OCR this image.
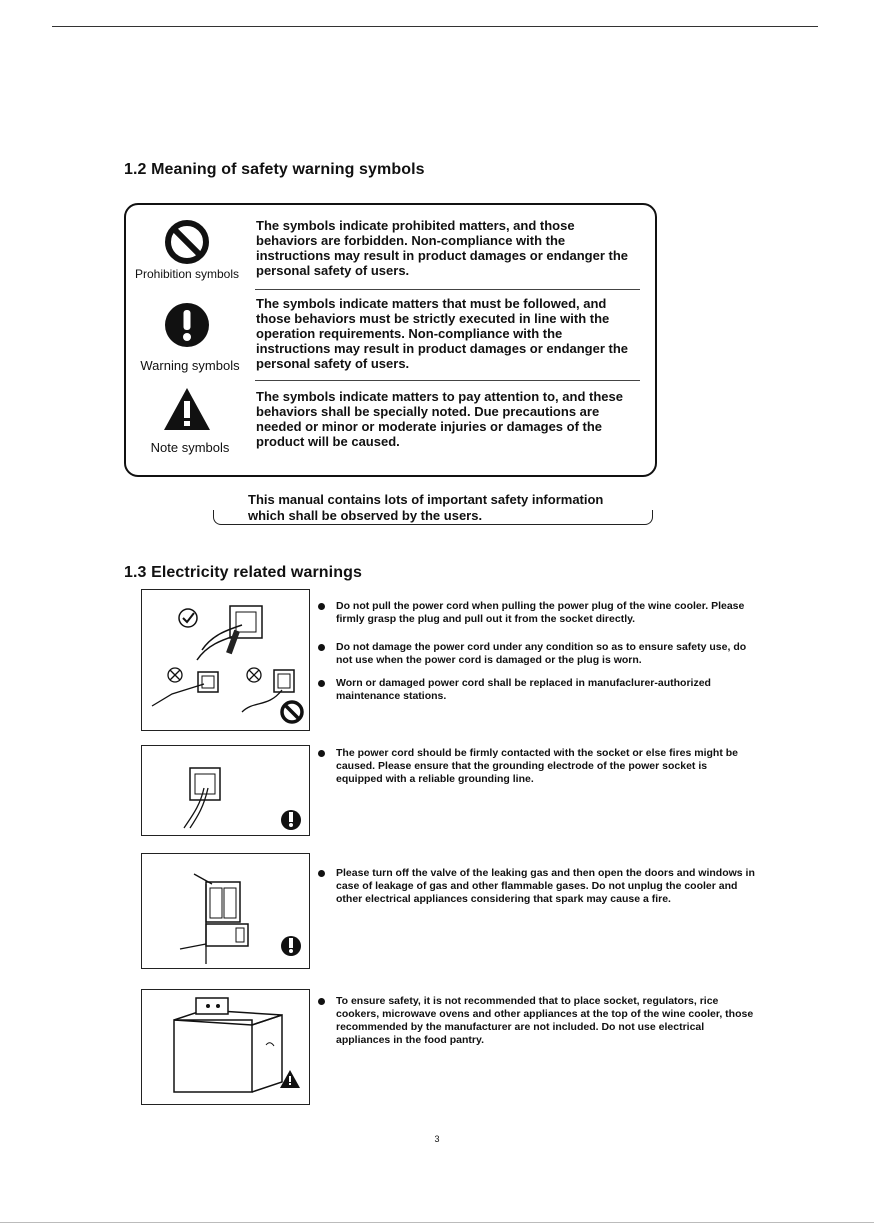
1.2 Meaning of safety warning symbols
Prohibition symbols
The symbols indicate prohibited matters, and those behaviors are forbidden. Non-compliance with the instructions may result in product damages or endanger the personal safety of users.
Warning symbols
The symbols indicate matters that must be followed, and those behaviors must be strictly executed in line with the operation requirements. Non-compliance with the instructions may result in product damages or endanger the personal safety of users.
Note symbols
The symbols indicate matters to pay attention to, and these behaviors shall be specially noted. Due precautions are needed or minor or moderate injuries or damages of the product will be caused.
This manual contains lots of important safety information which shall be observed by the users.
1.3 Electricity related warnings
Do not pull the power cord when pulling the power plug of the wine cooler. Please firmly grasp the plug and pull out it from the socket directly.
Do not damage the power cord under any condition so as to ensure safety use, do not use when the power cord is damaged or the plug is worn.
Worn or damaged power cord shall be replaced in manufaclurer-authorized maintenance stations.
The power cord should be firmly contacted with the socket or else fires might be caused. Please ensure that the grounding electrode of the power socket is equipped with a reliable grounding line.
Please turn off the valve of the leaking gas and then open the doors and windows in case of leakage of gas and other flammable gases. Do not unplug the cooler and other electrical appliances considering that spark may cause a fire.
To ensure safety, it is not recommended that to place socket, regulators, rice cookers, microwave ovens and other appliances at the top of the wine cooler, those recommended by the manufacturer are not included. Do not use electrical appliances in the food pantry.
3
